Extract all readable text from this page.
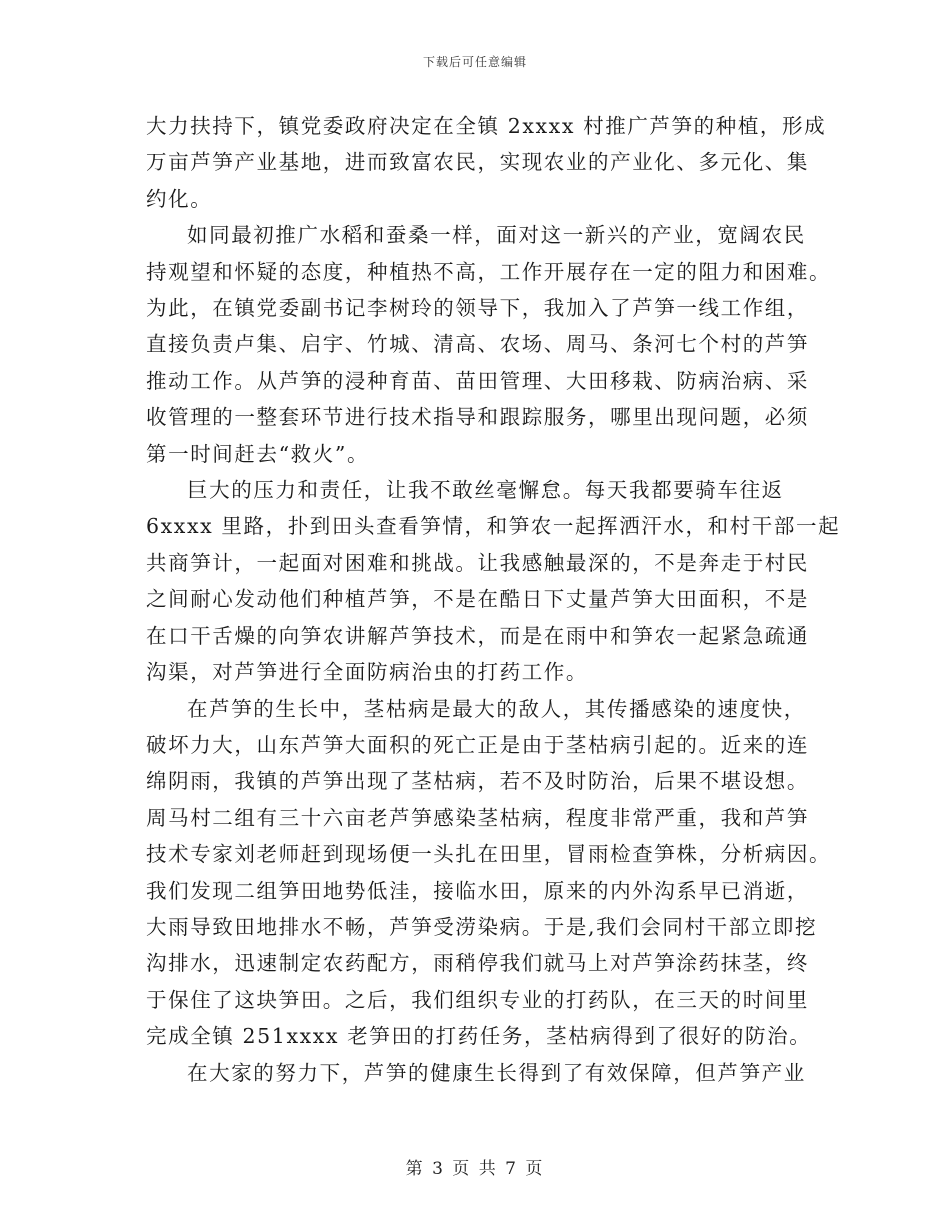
下载后可任意编辑

大力扶持下，镇党委政府决定在全镇 2xxxx 村推广芦笋的种植，形成

万亩芦笋产业基地，进而致富农民，实现农业的产业化、多元化、集

约化。

如同最初推广水稻和蚕桑一样，面对这一新兴的产业，宽阔农民

持观望和怀疑的态度，种植热不高，工作开展存在一定的阻力和困难。

为此，在镇党委副书记李树玲的领导下，我加入了芦笋一线工作组，

直接负责卢集、启宇、竹城、清高、农场、周马、条河七个村的芦笋

推动工作。从芦笋的浸种育苗、苗田管理、大田移栽、防病治病、采

收管理的一整套环节进行技术指导和跟踪服务，哪里出现问题，必须

第一时间赶去“救火”。

巨大的压力和责任，让我不敢丝毫懈怠。每天我都要骑车往返

6xxxx 里路，扑到田头查看笋情，和笋农一起挥洒汗水，和村干部一起

共商笋计，一起面对困难和挑战。让我感触最深的，不是奔走于村民

之间耐心发动他们种植芦笋，不是在酷日下丈量芦笋大田面积，不是

在口干舌燥的向笋农讲解芦笋技术，而是在雨中和笋农一起紧急疏通

沟渠，对芦笋进行全面防病治虫的打药工作。

在芦笋的生长中，茎枯病是最大的敌人，其传播感染的速度快，

破坏力大，山东芦笋大面积的死亡正是由于茎枯病引起的。近来的连

绵阴雨，我镇的芦笋出现了茎枯病，若不及时防治，后果不堪设想。

周马村二组有三十六亩老芦笋感染茎枯病，程度非常严重，我和芦笋

技术专家刘老师赶到现场便一头扎在田里，冒雨检查笋株，分析病因。

我们发现二组笋田地势低洼，接临水田，原来的内外沟系早已消逝，

大雨导致田地排水不畅，芦笋受涝染病。于是,我们会同村干部立即挖

沟排水，迅速制定农药配方，雨稍停我们就马上对芦笋涂药抹茎，终

于保住了这块笋田。之后，我们组织专业的打药队，在三天的时间里

完成全镇 251xxxx 老笋田的打药任务，茎枯病得到了很好的防治。

在大家的努力下，芦笋的健康生长得到了有效保障，但芦笋产业

第 3 页 共 7 页
